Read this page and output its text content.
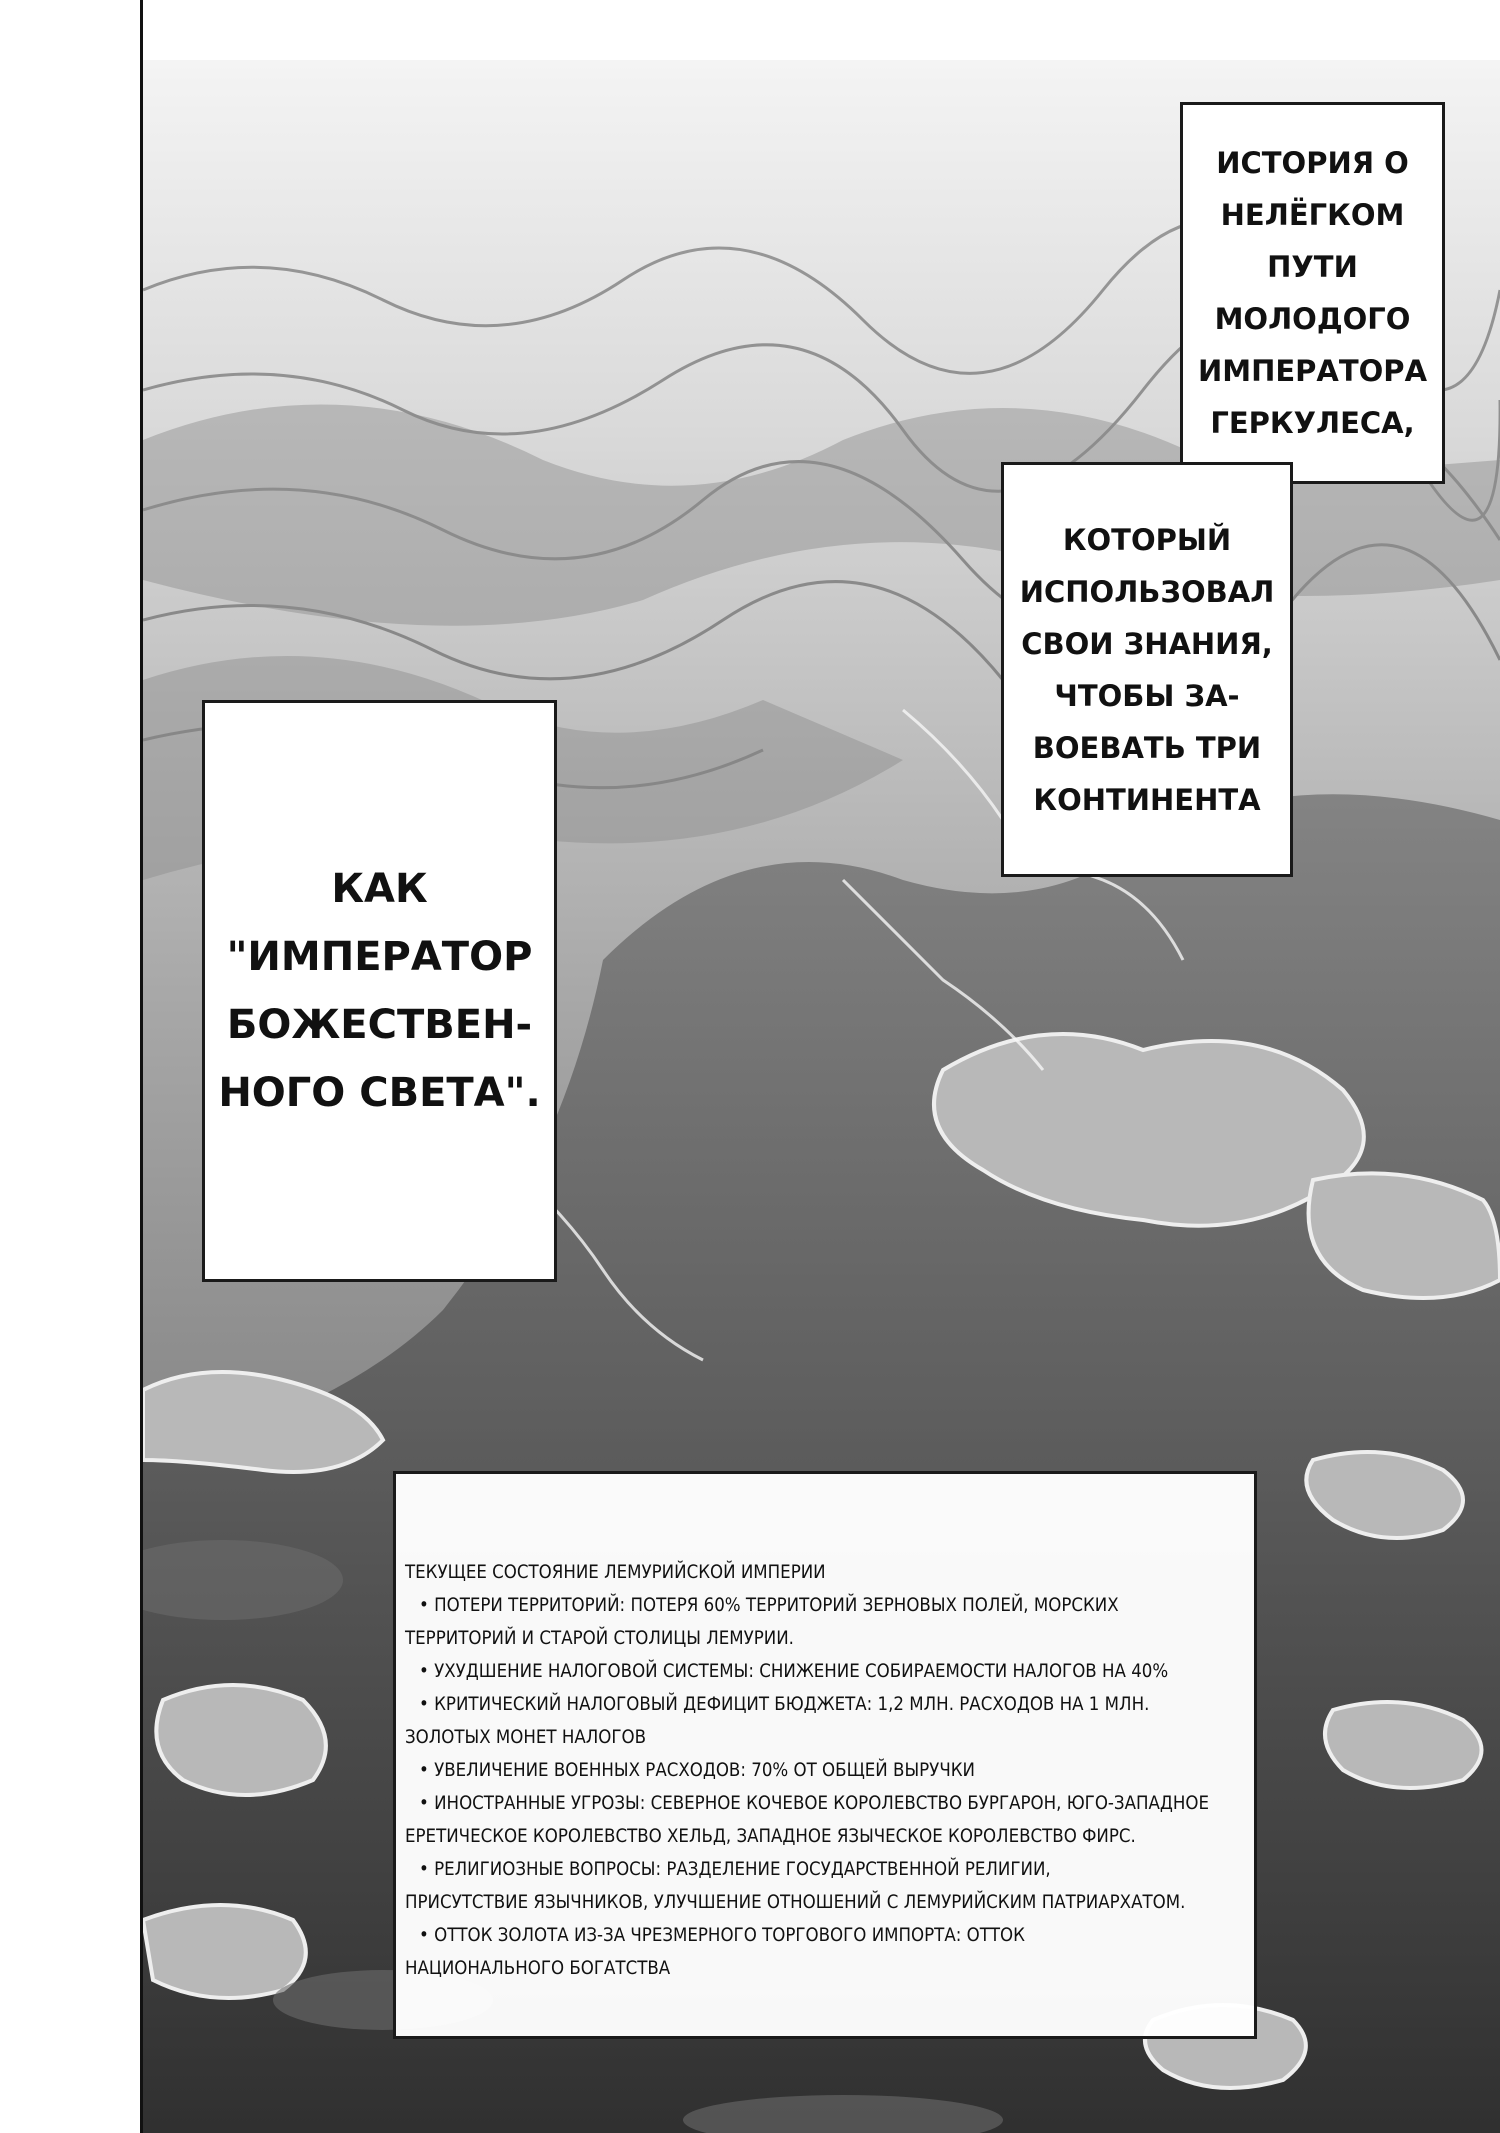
ИСТОРИЯ О
НЕЛЁГКОМ ПУТИ
МОЛОДОГО
ИМПЕРАТОРА
ГЕРКУЛЕСА,
КОТОРЫЙ
ИСПОЛЬЗОВАЛ
СВОИ ЗНАНИЯ,
ЧТОБЫ ЗА-
ВОЕВАТЬ ТРИ
КОНТИНЕНТА
КАК
"ИМПЕРАТОР
БОЖЕСТВЕН-
НОГО СВЕТА".
ТЕКУЩЕЕ СОСТОЯНИЕ ЛЕМУРИЙСКОЙ ИМПЕРИИ
• ПОТЕРИ ТЕРРИТОРИЙ: ПОТЕРЯ 60% ТЕРРИТОРИЙ ЗЕРНОВЫХ ПОЛЕЙ, МОРСКИХ
ТЕРРИТОРИЙ И СТАРОЙ СТОЛИЦЫ ЛЕМУРИИ.
• УХУДШЕНИЕ НАЛОГОВОЙ СИСТЕМЫ: СНИЖЕНИЕ СОБИРАЕМОСТИ НАЛОГОВ НА 40%
• КРИТИЧЕСКИЙ НАЛОГОВЫЙ ДЕФИЦИТ БЮДЖЕТА: 1,2 МЛН. РАСХОДОВ НА 1 МЛН.
ЗОЛОТЫХ МОНЕТ НАЛОГОВ
• УВЕЛИЧЕНИЕ ВОЕННЫХ РАСХОДОВ: 70% ОТ ОБЩЕЙ ВЫРУЧКИ
• ИНОСТРАННЫЕ УГРОЗЫ: СЕВЕРНОЕ КОЧЕВОЕ КОРОЛЕВСТВО БУРГАРОН, ЮГО-ЗАПАДНОЕ
ЕРЕТИЧЕСКОЕ КОРОЛЕВСТВО ХЕЛЬД, ЗАПАДНОЕ ЯЗЫЧЕСКОЕ КОРОЛЕВСТВО ФИРС.
• РЕЛИГИОЗНЫЕ ВОПРОСЫ: РАЗДЕЛЕНИЕ ГОСУДАРСТВЕННОЙ РЕЛИГИИ,
ПРИСУТСТВИЕ ЯЗЫЧНИКОВ, УЛУЧШЕНИЕ ОТНОШЕНИЙ С ЛЕМУРИЙСКИМ ПАТРИАРХАТОМ.
• ОТТОК ЗОЛОТА ИЗ-ЗА ЧРЕЗМЕРНОГО ТОРГОВОГО ИМПОРТА: ОТТОК
НАЦИОНАЛЬНОГО БОГАТСТВА
